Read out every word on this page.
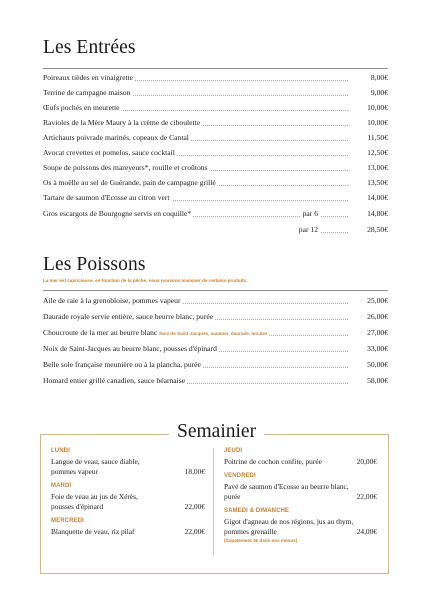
Les Entrées
Poireaux tièdes en vinaigrette	8,00€
Terrine de campagne maison	9,00€
Œufs pochés en meurette	10,00€
Ravioles de la Mère Maury à la crème de ciboulette	10,00€
Artichauts poivrade marinés, copeaux de Cantal	11,50€
Avocat crevettes et pomelos, sauce cocktail	12,50€
Soupe de poissons des mareyeurs*, rouille et croûtons	13,00€
Os à moëlle au sel de Guérande, pain de campagne grillé	13,50€
Tartare de saumon d'Ecosse au citron vert	14,00€
Gros escargots de Bourgogne servis en coquille*	par 6	14,80€
par 12	28,50€
Les Poissons
La mer est capricieuse, en fonction de la pêche, nous pouvons manquer de certains produits.
Aile de raie à la grenobloise, pommes vapeur	25,00€
Daurade royale servie entière, sauce beurre blanc, purée	26,00€
Choucroute de la mer au beurre blanc Noix de Saint-Jacques, saumon, daurade, moules	27,00€
Noix de Saint-Jacques au beurre blanc, pousses d'épinard	33,00€
Belle sole française meunière ou à la plancha, purée	50,00€
Homard entier grillé canadien, sauce béarnaise	58,00€
Semainier
LUNDI
Langue de veau, sauce diable,
pommes vapeur	18,00€
MARDI
Foie de veau au jus de Xérès,
pousses d'épinard	22,00€
MERCREDI
Blanquette de veau, riz pilaf	22,00€
JEUDI
Poitrine de cochon confite, purée	20,00€
VENDREDI
Pavé de saumon d'Ecosse au beurre blanc,
purée	22,00€
SAMEDI & DIMANCHE
Gigot d'agneau de nos régions, jus au thym,
pommes grenaille	24,00€
(Supplément 4€ dans nos menus)
